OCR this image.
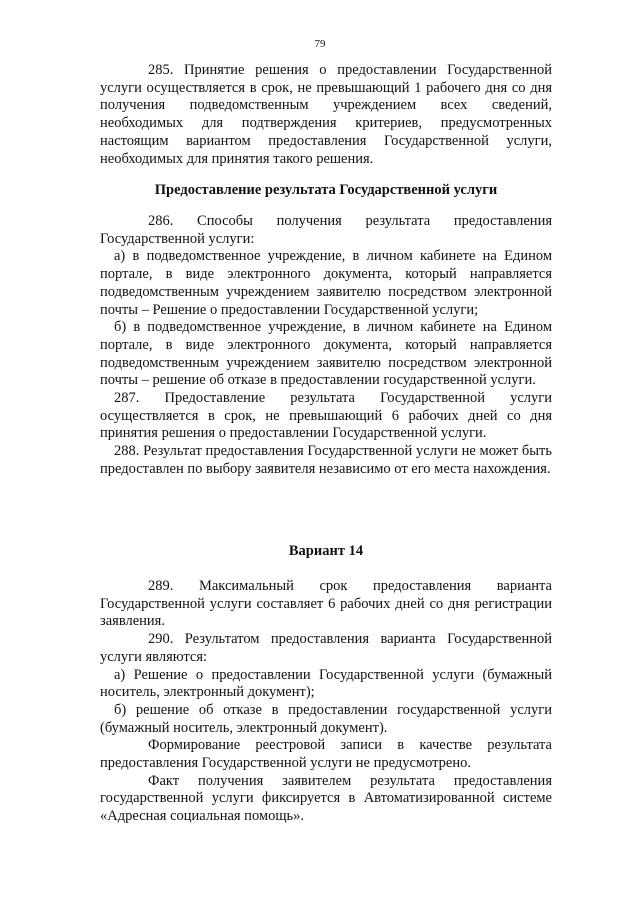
79

285. Принятие решения о предоставлении Государственной услуги осуществляется в срок, не превышающий 1 рабочего дня со дня получения подведомственным учреждением всех сведений, необходимых для подтверждения критериев, предусмотренных настоящим вариантом предоставления Государственной услуги, необходимых для принятия такого решения.

Предоставление результата Государственной услуги

286. Способы получения результата предоставления Государственной услуги:

а) в подведомственное учреждение, в личном кабинете на Едином портале, в виде электронного документа, который направляется подведомственным учреждением заявителю посредством электронной почты – Решение о предоставлении Государственной услуги;

б) в подведомственное учреждение, в личном кабинете на Едином портале, в виде электронного документа, который направляется подведомственным учреждением заявителю посредством электронной почты – решение об отказе в предоставлении государственной услуги.

287. Предоставление результата Государственной услуги осуществляется в срок, не превышающий 6 рабочих дней со дня принятия решения о предоставлении Государственной услуги.

288. Результат предоставления Государственной услуги не может быть предоставлен по выбору заявителя независимо от его места нахождения.

Вариант 14

289. Максимальный срок предоставления варианта Государственной услуги составляет 6 рабочих дней со дня регистрации заявления.

290. Результатом предоставления варианта Государственной услуги являются:

а) Решение о предоставлении Государственной услуги (бумажный носитель, электронный документ);

б) решение об отказе в предоставлении государственной услуги (бумажный носитель, электронный документ).

Формирование реестровой записи в качестве результата предоставления Государственной услуги не предусмотрено.

Факт получения заявителем результата предоставления государственной услуги фиксируется в Автоматизированной системе «Адресная социальная помощь».
